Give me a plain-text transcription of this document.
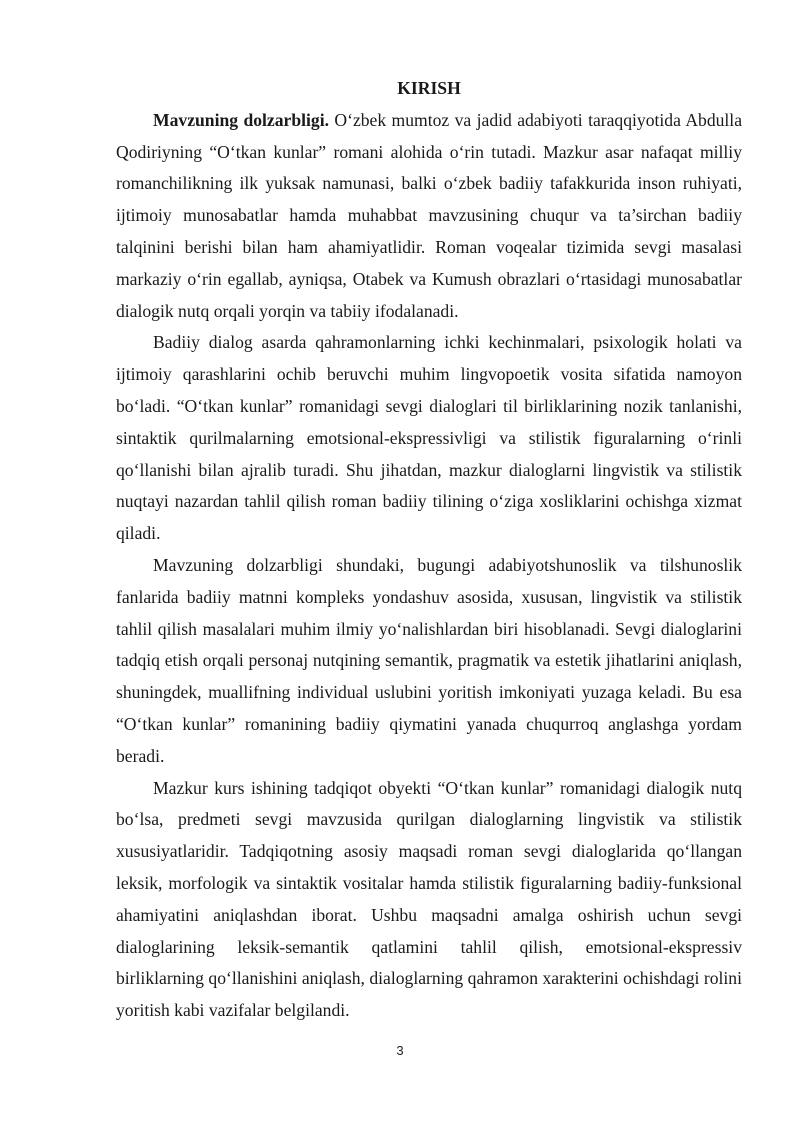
KIRISH

Mavzuning dolzarbligi. O‘zbek mumtoz va jadid adabiyoti taraqqiyotida Abdulla Qodiriyning “O‘tkan kunlar” romani alohida o‘rin tutadi. Mazkur asar nafaqat milliy romanchilikning ilk yuksak namunasi, balki o‘zbek badiiy tafakkurida inson ruhiyati, ijtimoiy munosabatlar hamda muhabbat mavzusining chuqur va ta’sirchan badiiy talqinini berishi bilan ham ahamiyatlidir. Roman voqealar tizimida sevgi masalasi markaziy o‘rin egallab, ayniqsa, Otabek va Kumush obrazlari o‘rtasidagi munosabatlar dialogik nutq orqali yorqin va tabiiy ifodalanadi.

Badiiy dialog asarda qahramonlarning ichki kechinmalari, psixologik holati va ijtimoiy qarashlarini ochib beruvchi muhim lingvopoetik vosita sifatida namoyon bo‘ladi. “O‘tkan kunlar” romanidagi sevgi dialoglari til birliklarining nozik tanlanishi, sintaktik qurilmalarning emotsional-ekspressivligi va stilistik figuralarning o‘rinli qo‘llanishi bilan ajralib turadi. Shu jihatdan, mazkur dialoglarni lingvistik va stilistik nuqtayi nazardan tahlil qilish roman badiiy tilining o‘ziga xosliklarini ochishga xizmat qiladi.

Mavzuning dolzarbligi shundaki, bugungi adabiyotshunoslik va tilshunoslik fanlarida badiiy matnni kompleks yondashuv asosida, xususan, lingvistik va stilistik tahlil qilish masalalari muhim ilmiy yo‘nalishlardan biri hisoblanadi. Sevgi dialoglarini tadqiq etish orqali personaj nutqining semantik, pragmatik va estetik jihatlarini aniqlash, shuningdek, muallifning individual uslubini yoritish imkoniyati yuzaga keladi. Bu esa “O‘tkan kunlar” romanining badiiy qiymatini yanada chuqurroq anglashga yordam beradi.

Mazkur kurs ishining tadqiqot obyekti “O‘tkan kunlar” romanidagi dialogik nutq bo‘lsa, predmeti sevgi mavzusida qurilgan dialoglarning lingvistik va stilistik xususiyatlaridir. Tadqiqotning asosiy maqsadi roman sevgi dialoglarida qo‘llangan leksik, morfologik va sintaktik vositalar hamda stilistik figuralarning badiiy-funksional ahamiyatini aniqlashdan iborat. Ushbu maqsadni amalga oshirish uchun sevgi dialoglarining leksik-semantik qatlamini tahlil qilish, emotsional-ekspressiv birliklarning qo‘llanishini aniqlash, dialoglarning qahramon xarakterini ochishdagi rolini yoritish kabi vazifalar belgilandi.

3
